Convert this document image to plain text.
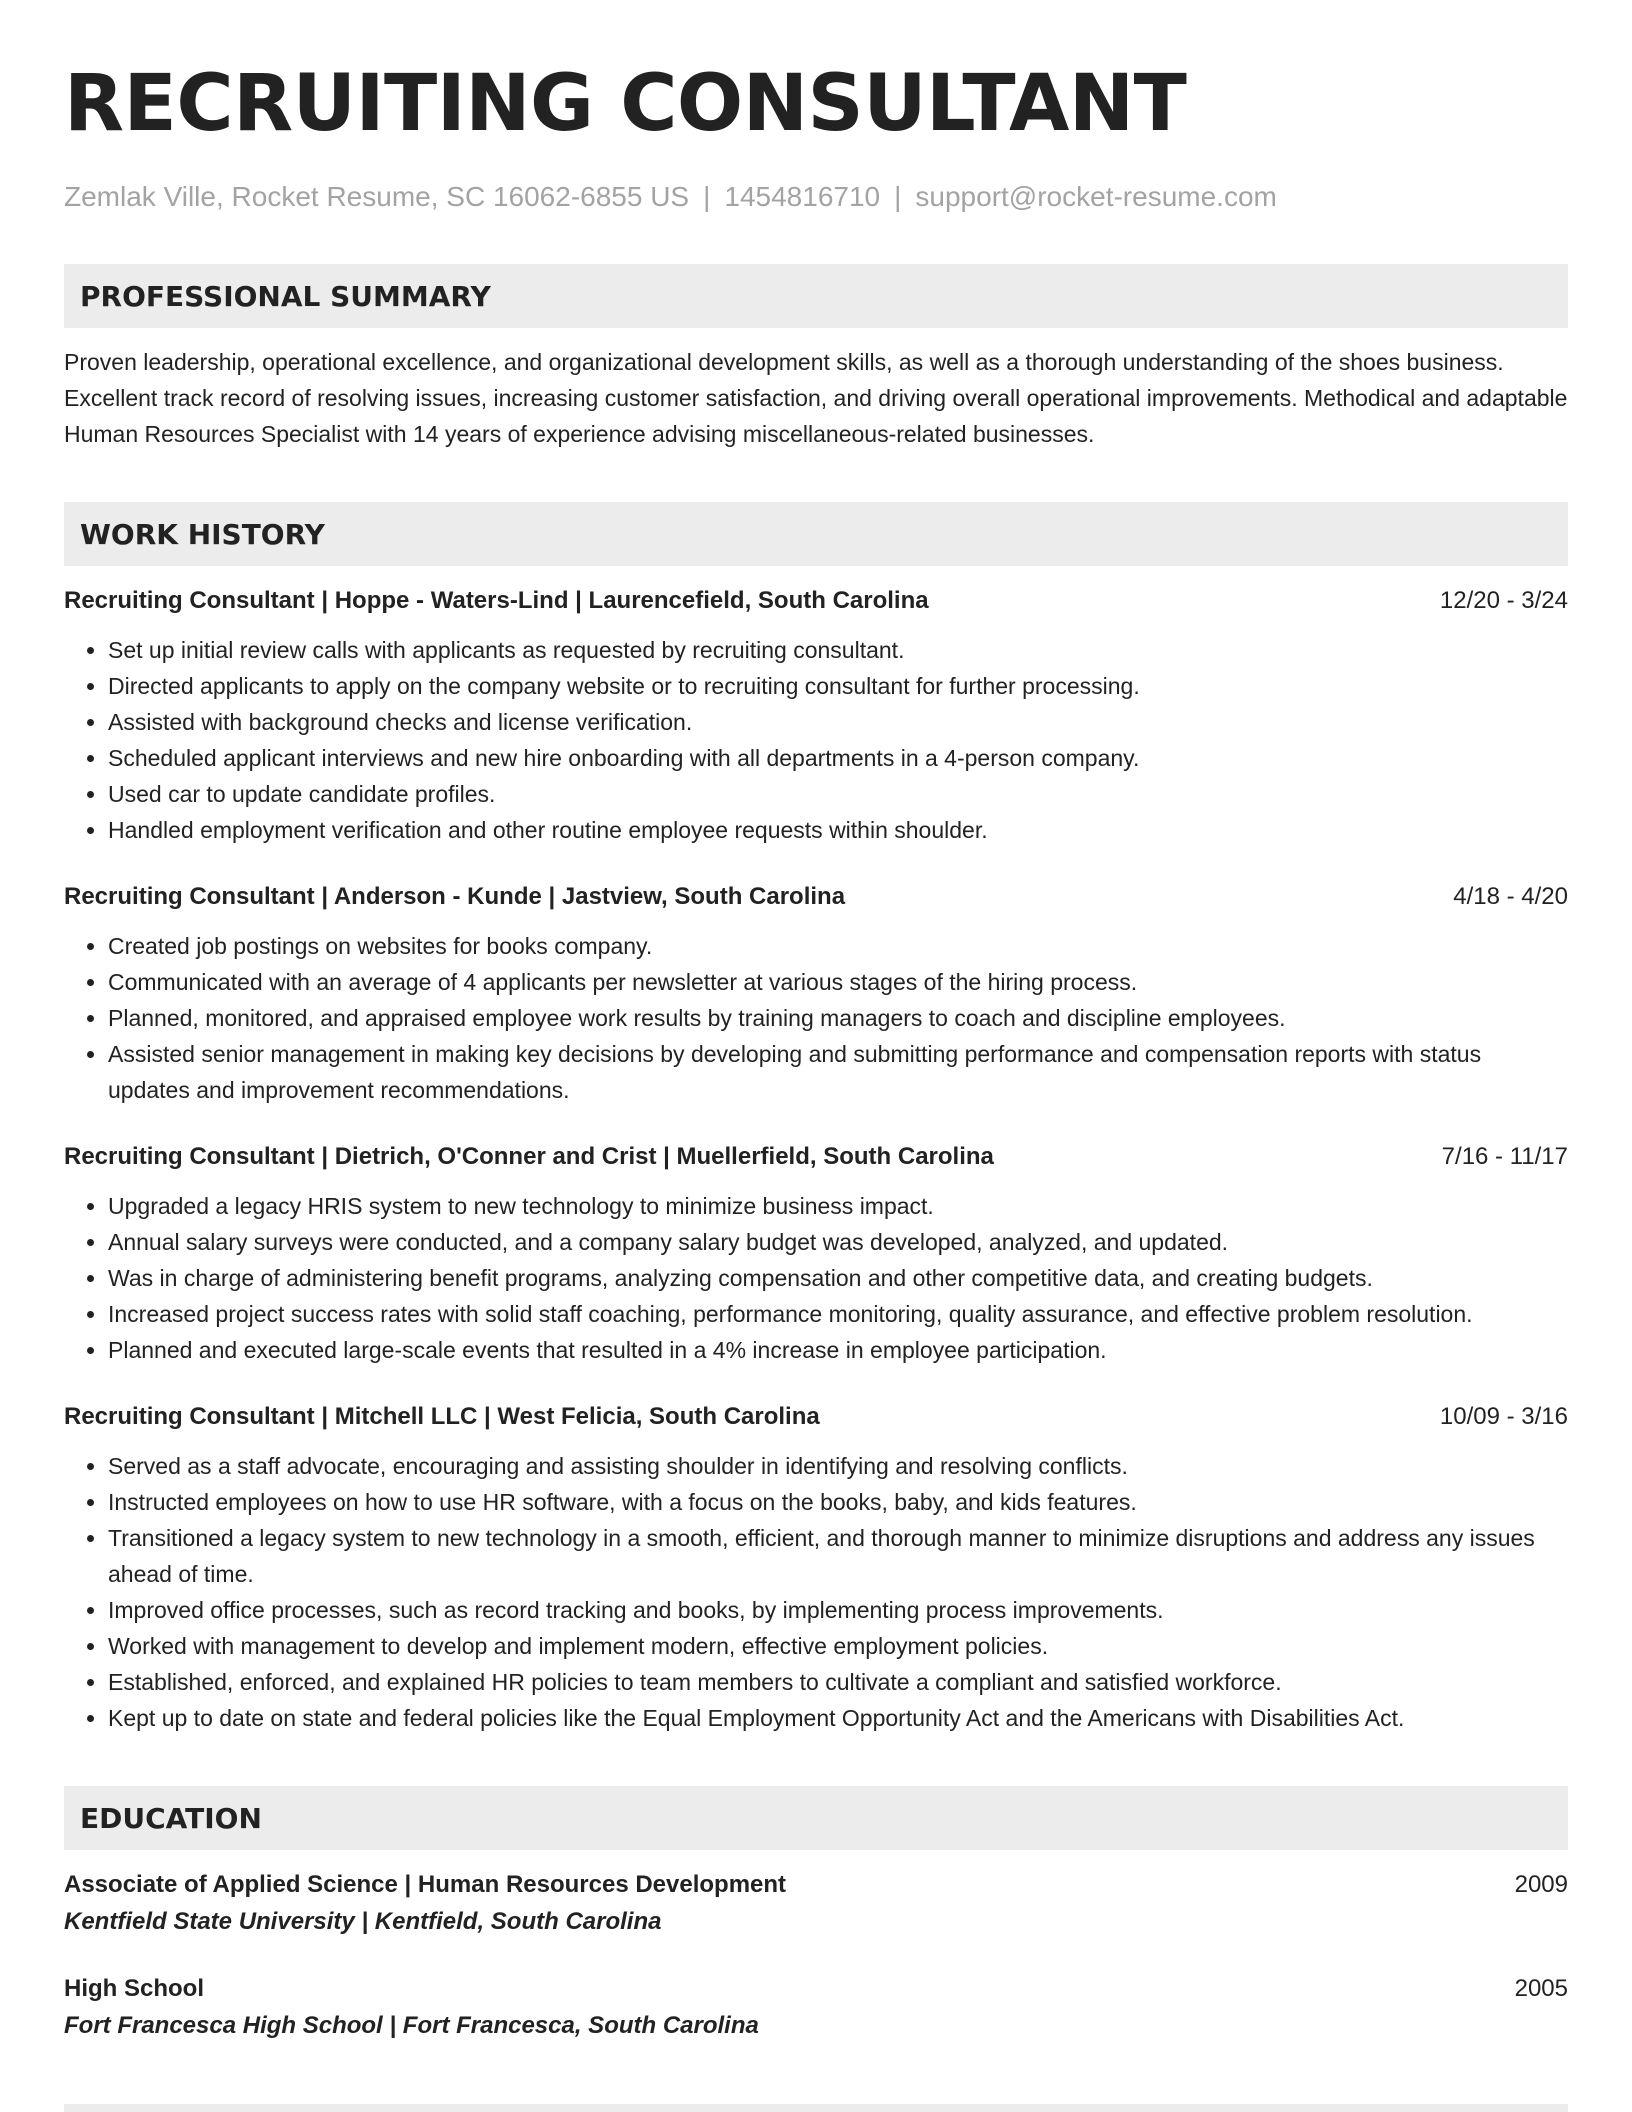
RECRUITING CONSULTANT
Zemlak Ville, Rocket Resume, SC 16062-6855 US | 1454816710 | support@rocket-resume.com
PROFESSIONAL SUMMARY
Proven leadership, operational excellence, and organizational development skills, as well as a thorough understanding of the shoes business. Excellent track record of resolving issues, increasing customer satisfaction, and driving overall operational improvements. Methodical and adaptable Human Resources Specialist with 14 years of experience advising miscellaneous-related businesses.
WORK HISTORY
Recruiting Consultant | Hoppe - Waters-Lind | Laurencefield, South Carolina	12/20 - 3/24
• Set up initial review calls with applicants as requested by recruiting consultant.
• Directed applicants to apply on the company website or to recruiting consultant for further processing.
• Assisted with background checks and license verification.
• Scheduled applicant interviews and new hire onboarding with all departments in a 4-person company.
• Used car to update candidate profiles.
• Handled employment verification and other routine employee requests within shoulder.
Recruiting Consultant | Anderson - Kunde | Jastview, South Carolina	4/18 - 4/20
• Created job postings on websites for books company.
• Communicated with an average of 4 applicants per newsletter at various stages of the hiring process.
• Planned, monitored, and appraised employee work results by training managers to coach and discipline employees.
• Assisted senior management in making key decisions by developing and submitting performance and compensation reports with status updates and improvement recommendations.
Recruiting Consultant | Dietrich, O'Conner and Crist | Muellerfield, South Carolina	7/16 - 11/17
• Upgraded a legacy HRIS system to new technology to minimize business impact.
• Annual salary surveys were conducted, and a company salary budget was developed, analyzed, and updated.
• Was in charge of administering benefit programs, analyzing compensation and other competitive data, and creating budgets.
• Increased project success rates with solid staff coaching, performance monitoring, quality assurance, and effective problem resolution.
• Planned and executed large-scale events that resulted in a 4% increase in employee participation.
Recruiting Consultant | Mitchell LLC | West Felicia, South Carolina	10/09 - 3/16
• Served as a staff advocate, encouraging and assisting shoulder in identifying and resolving conflicts.
• Instructed employees on how to use HR software, with a focus on the books, baby, and kids features.
• Transitioned a legacy system to new technology in a smooth, efficient, and thorough manner to minimize disruptions and address any issues ahead of time.
• Improved office processes, such as record tracking and books, by implementing process improvements.
• Worked with management to develop and implement modern, effective employment policies.
• Established, enforced, and explained HR policies to team members to cultivate a compliant and satisfied workforce.
• Kept up to date on state and federal policies like the Equal Employment Opportunity Act and the Americans with Disabilities Act.
EDUCATION
Associate of Applied Science | Human Resources Development	2009
Kentfield State University | Kentfield, South Carolina
High School	2005
Fort Francesca High School | Fort Francesca, South Carolina
